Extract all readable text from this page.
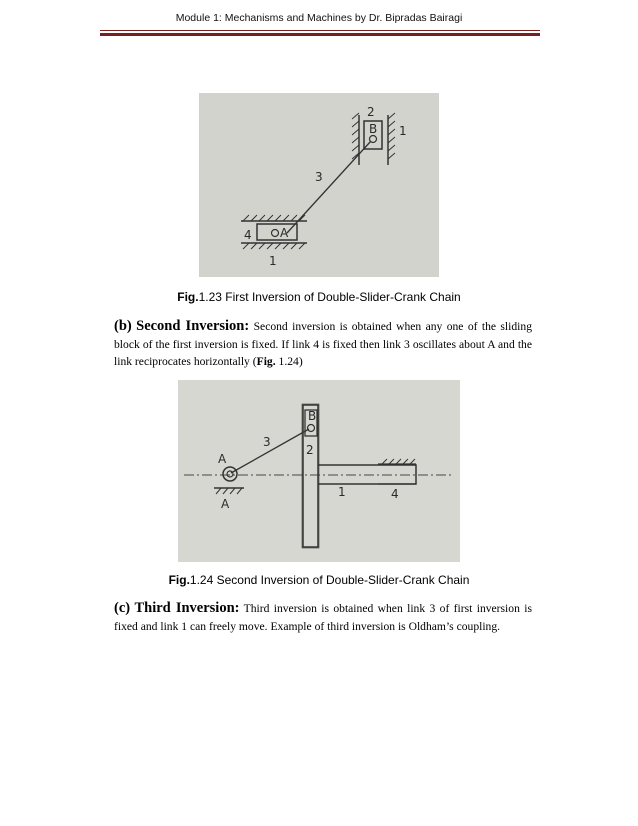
Module 1: Mechanisms and Machines by Dr. Bipradas Bairagi
2
B 1
3
4 A
1
Fig.1.23 First Inversion of Double-Slider-Crank Chain
(b) Second Inversion: Second inversion is obtained when any one of the sliding block of the first inversion is fixed. If link 4 is fixed then link 3 oscillates about A and the link reciprocates horizontally (Fig. 1.24)
B
3
2
A
1
A
4
Fig.1.24 Second Inversion of Double-Slider-Crank Chain
(c) Third Inversion: Third inversion is obtained when link 3 of first inversion is fixed and link 1 can freely move. Example of third inversion is Oldham’s coupling.
